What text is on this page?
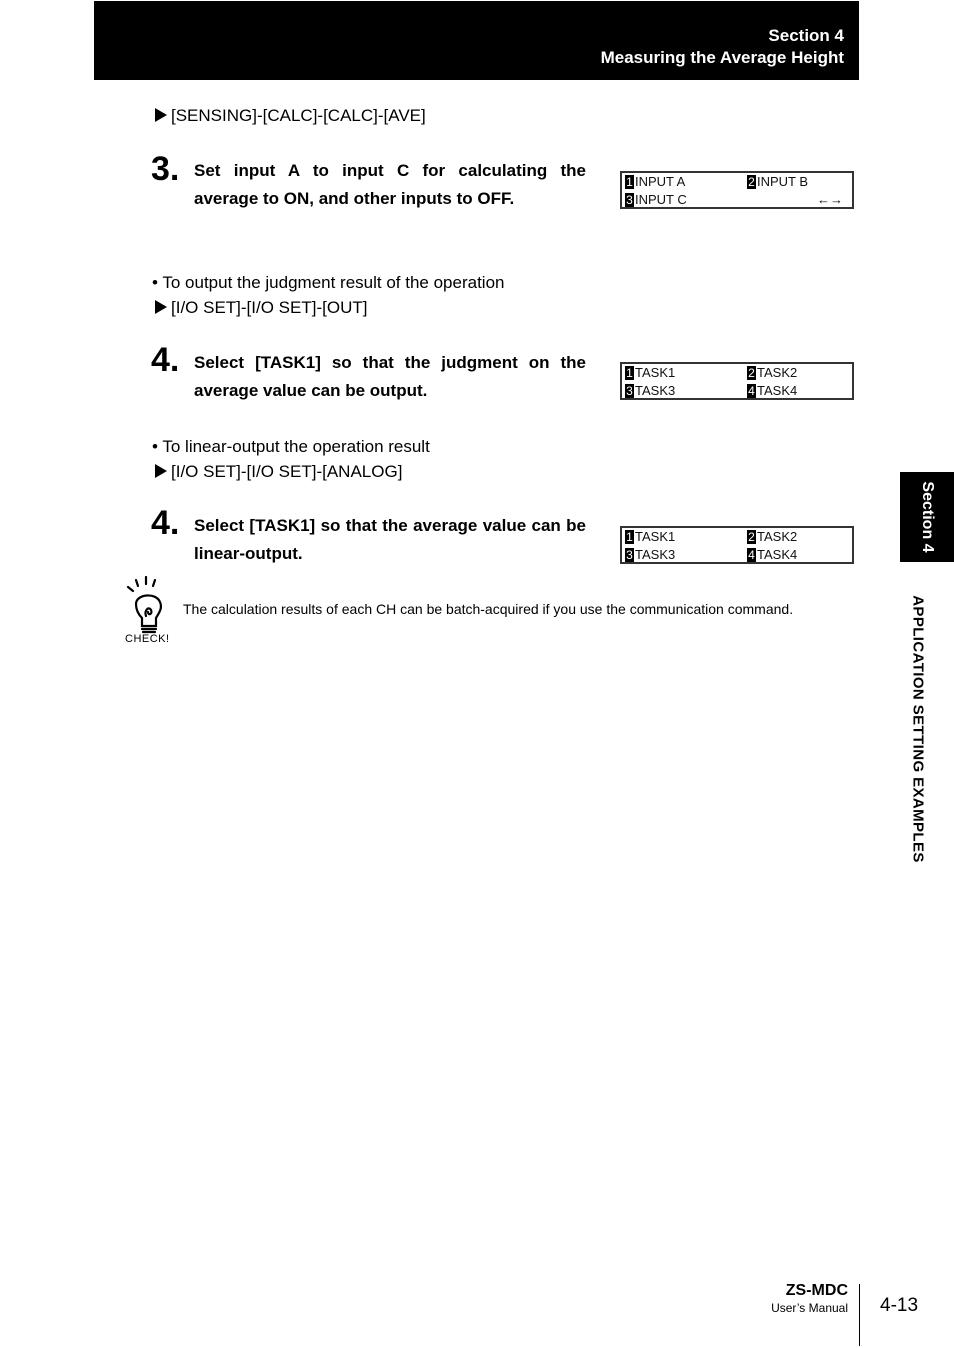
Section 4
Measuring the Average Height
[SENSING]-[CALC]-[CALC]-[AVE]
3. Set input A to input C for calculating the average to ON, and other inputs to OFF.
1 INPUT A	2 INPUT B
3 INPUT C	←→
• To output the judgment result of the operation
[I/O SET]-[I/O SET]-[OUT]
4. Select [TASK1] so that the judgment on the average value can be output.
1 TASK1	2 TASK2
3 TASK3	4 TASK4
• To linear-output the operation result
[I/O SET]-[I/O SET]-[ANALOG]
4. Select [TASK1] so that the average value can be linear-output.
1 TASK1	2 TASK2
3 TASK3	4 TASK4
CHECK!
The calculation results of each CH can be batch-acquired if you use the communication command.
Section 4
APPLICATION SETTING EXAMPLES
ZS-MDC
User’s Manual 4-13
